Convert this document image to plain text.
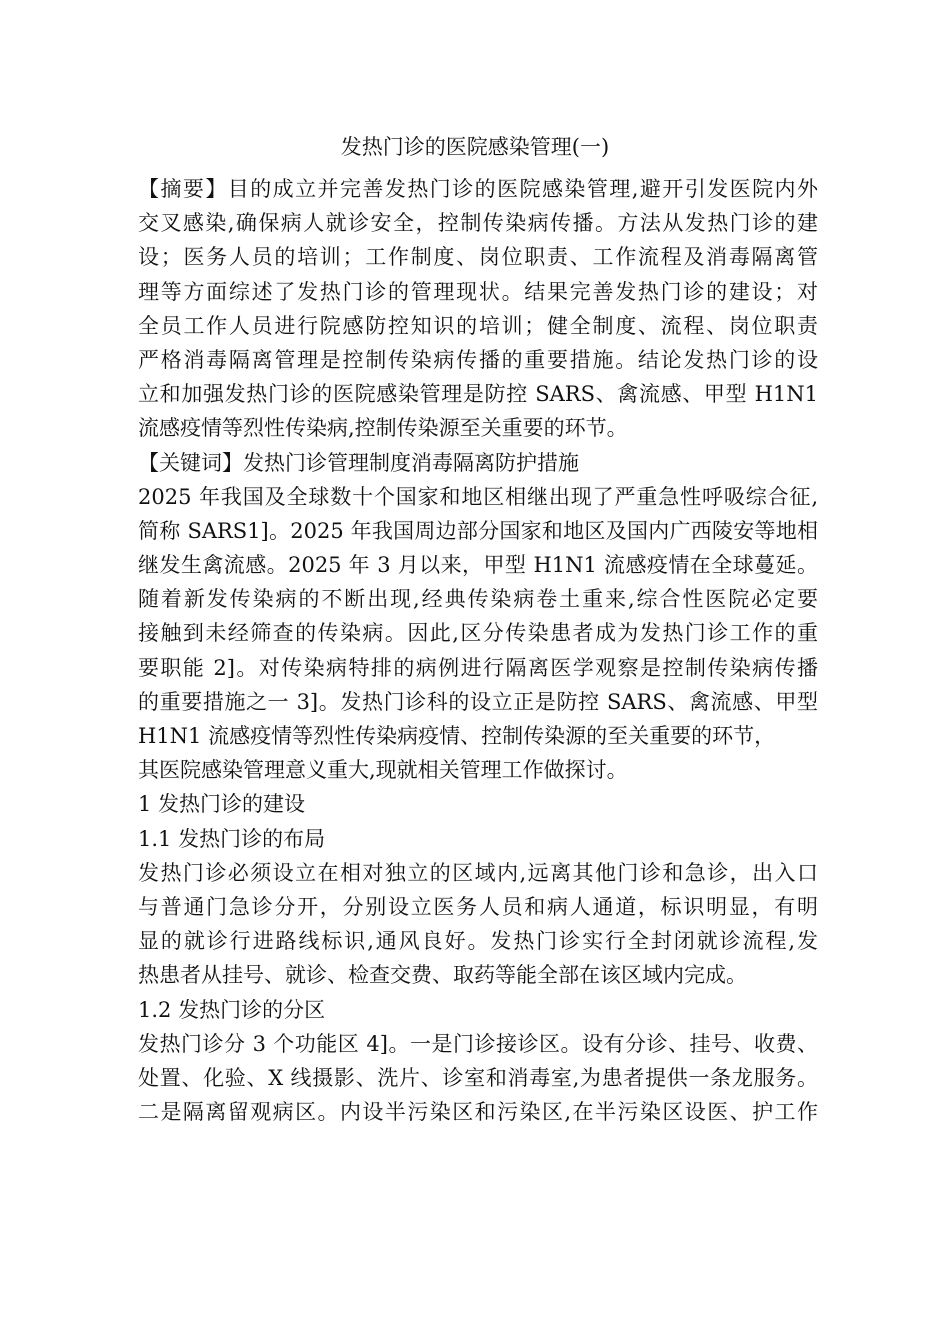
发热门诊的医院感染管理(一)
【摘要】目的成立并完善发热门诊的医院感染管理,避开引发医院内外
交叉感染,确保病人就诊安全，控制传染病传播。方法从发热门诊的建
设；医务人员的培训；工作制度、岗位职责、工作流程及消毒隔离管
理等方面综述了发热门诊的管理现状。结果完善发热门诊的建设；对
全员工作人员进行院感防控知识的培训；健全制度、流程、岗位职责
严格消毒隔离管理是控制传染病传播的重要措施。结论发热门诊的设
立和加强发热门诊的医院感染管理是防控 SARS、禽流感、甲型 H1N1
流感疫情等烈性传染病,控制传染源至关重要的环节。
【关键词】发热门诊管理制度消毒隔离防护措施
2025 年我国及全球数十个国家和地区相继出现了严重急性呼吸综合征,
简称 SARS1]。2025 年我国周边部分国家和地区及国内广西陵安等地相
继发生禽流感。2025 年 3 月以来，甲型 H1N1 流感疫情在全球蔓延。
随着新发传染病的不断出现,经典传染病卷土重来,综合性医院必定要
接触到未经筛查的传染病。因此,区分传染患者成为发热门诊工作的重
要职能 2]。对传染病特排的病例进行隔离医学观察是控制传染病传播
的重要措施之一 3]。发热门诊科的设立正是防控 SARS、禽流感、甲型
H1N1 流感疫情等烈性传染病疫情、控制传染源的至关重要的环节，
其医院感染管理意义重大,现就相关管理工作做探讨。
1 发热门诊的建设
1.1 发热门诊的布局
发热门诊必须设立在相对独立的区域内,远离其他门诊和急诊，出入口
与普通门急诊分开，分别设立医务人员和病人通道，标识明显，有明
显的就诊行进路线标识,通风良好。发热门诊实行全封闭就诊流程,发
热患者从挂号、就诊、检查交费、取药等能全部在该区域内完成。
1.2 发热门诊的分区
发热门诊分 3 个功能区 4]。一是门诊接诊区。设有分诊、挂号、收费、
处置、化验、X 线摄影、洗片、诊室和消毒室,为患者提供一条龙服务。
二是隔离留观病区。内设半污染区和污染区,在半污染区设医、护工作
